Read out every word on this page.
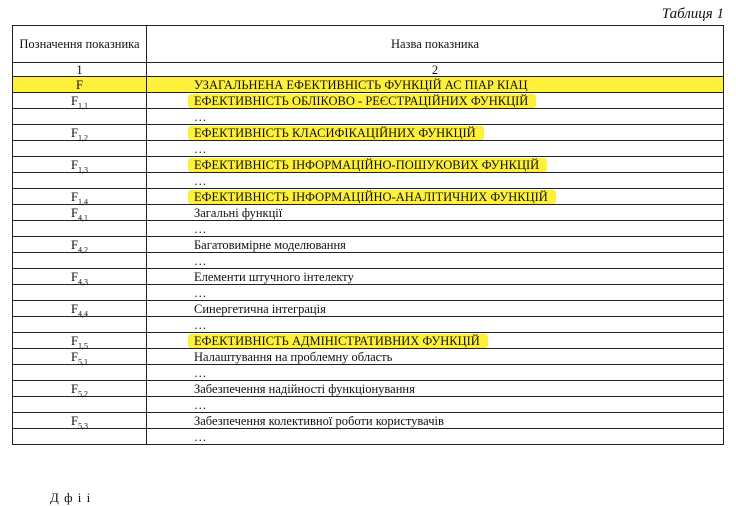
Таблиця 1
Позначення показника	Назва показника
1	2
F	УЗАГАЛЬНЕНА ЕФЕКТИВНІСТЬ ФУНКЦІЙ АС ПІАР КІАЦ
$F_{1,1}$	ЕФЕКТИВНІСТЬ ОБЛІКОВО - РЕЄСТРАЦІЙНИХ ФУНКЦІЙ
	…
$F_{1,2}$	ЕФЕКТИВНІСТЬ КЛАСИФІКАЦІЙНИХ ФУНКЦІЙ
	…
$F_{1,3}$	ЕФЕКТИВНІСТЬ ІНФОРМАЦІЙНО-ПОШУКОВИХ ФУНКЦІЙ
	…
$F_{1,4}$	ЕФЕКТИВНІСТЬ ІНФОРМАЦІЙНО-АНАЛІТИЧНИХ ФУНКЦІЙ
$F_{4,1}$	Загальні функції
	…
$F_{4,2}$	Багатовимірне моделювання
	…
$F_{4,3}$	Елементи штучного інтелекту
	…
$F_{4,4}$	Синергетична інтеграція
	…
$F_{1,5}$	ЕФЕКТИВНІСТЬ АДМІНІСТРАТИВНИХ ФУНКЦІЙ
$F_{5,1}$	Налаштування на проблемну область
	…
$F_{5,2}$	Забезпечення надійності функціонування
	…
$F_{5,3}$	Забезпечення колективної роботи користувачів
	…
Д ф і і
